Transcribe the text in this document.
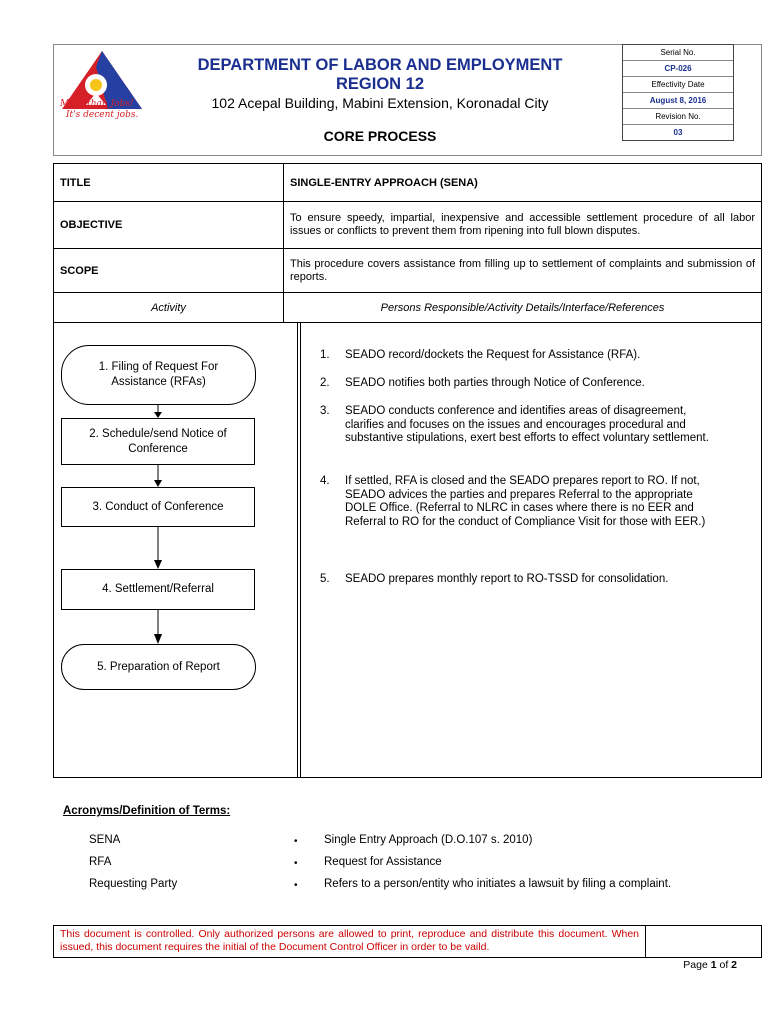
More than Jobs!
It's decent jobs.
DEPARTMENT OF LABOR AND EMPLOYMENT
REGION 12
102 Acepal Building, Mabini Extension, Koronadal City
CORE PROCESS
Serial No.
CP-026
Effectivity Date
August 8, 2016
Revision No.
03
TITLE	SINGLE-ENTRY APPROACH (SENA)
OBJECTIVE	To ensure speedy, impartial, inexpensive and accessible settlement procedure of all labor issues or conflicts to prevent them from ripening into full blown disputes.
SCOPE	This procedure covers assistance from filling up to settlement of complaints and submission of reports.
Activity	Persons Responsible/Activity Details/Interface/References
1. Filing of Request For Assistance (RFAs)
2. Schedule/send Notice of Conference
3. Conduct of Conference
4. Settlement/Referral
5. Preparation of Report
1. SEADO record/dockets the Request for Assistance (RFA).
2. SEADO notifies both parties through Notice of Conference.
3. SEADO conducts conference and identifies areas of disagreement, clarifies and focuses on the issues and encourages procedural and substantive stipulations, exert best efforts to effect voluntary settlement.
4. If settled, RFA is closed and the SEADO prepares report to RO. If not, SEADO advices the parties and prepares Referral to the appropriate DOLE Office. (Referral to NLRC in cases where there is no EER and Referral to RO for the conduct of Compliance Visit for those with EER.)
5. SEADO prepares monthly report to RO-TSSD for consolidation.
Acronyms/Definition of Terms:
SENA	• Single Entry Approach (D.O.107 s. 2010)
RFA	• Request for Assistance
Requesting Party	• Refers to a person/entity who initiates a lawsuit by filing a complaint.
This document is controlled. Only authorized persons are allowed to print, reproduce and distribute this document. When issued, this document requires the initial of the Document Control Officer in order to be vaild.
Page 1 of 2
